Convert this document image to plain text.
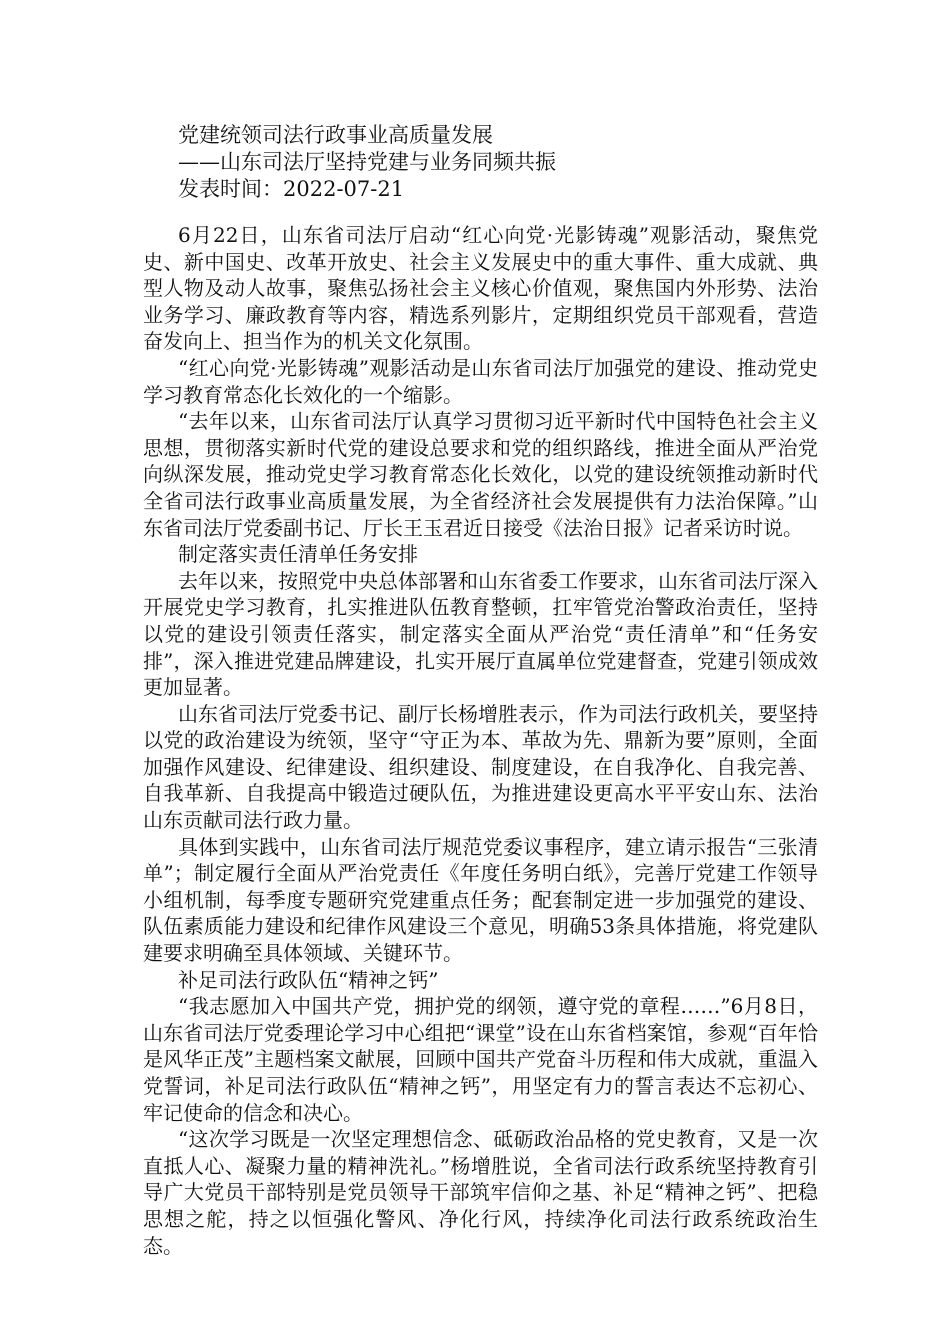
党建统领司法行政事业高质量发展
——山东司法厅坚持党建与业务同频共振
发表时间：2022-07-21

6月22日，山东省司法厅启动“红心向党·光影铸魂”观影活动，聚焦党史、新中国史、改革开放史、社会主义发展史中的重大事件、重大成就、典型人物及动人故事，聚焦弘扬社会主义核心价值观，聚焦国内外形势、法治业务学习、廉政教育等内容，精选系列影片，定期组织党员干部观看，营造奋发向上、担当作为的机关文化氛围。

“红心向党·光影铸魂”观影活动是山东省司法厅加强党的建设、推动党史学习教育常态化长效化的一个缩影。

“去年以来，山东省司法厅认真学习贯彻习近平新时代中国特色社会主义思想，贯彻落实新时代党的建设总要求和党的组织路线，推进全面从严治党向纵深发展，推动党史学习教育常态化长效化，以党的建设统领推动新时代全省司法行政事业高质量发展，为全省经济社会发展提供有力法治保障。”山东省司法厅党委副书记、厅长王玉君近日接受《法治日报》记者采访时说。

制定落实责任清单任务安排

去年以来，按照党中央总体部署和山东省委工作要求，山东省司法厅深入开展党史学习教育，扎实推进队伍教育整顿，扛牢管党治警政治责任，坚持以党的建设引领责任落实，制定落实全面从严治党“责任清单”和“任务安排”，深入推进党建品牌建设，扎实开展厅直属单位党建督查，党建引领成效更加显著。

山东省司法厅党委书记、副厅长杨增胜表示，作为司法行政机关，要坚持以党的政治建设为统领，坚守“守正为本、革故为先、鼎新为要”原则，全面加强作风建设、纪律建设、组织建设、制度建设，在自我净化、自我完善、自我革新、自我提高中锻造过硬队伍，为推进建设更高水平平安山东、法治山东贡献司法行政力量。

具体到实践中，山东省司法厅规范党委议事程序，建立请示报告“三张清单”；制定履行全面从严治党责任《年度任务明白纸》，完善厅党建工作领导小组机制，每季度专题研究党建重点任务；配套制定进一步加强党的建设、队伍素质能力建设和纪律作风建设三个意见，明确53条具体措施，将党建队建要求明确至具体领域、关键环节。

补足司法行政队伍“精神之钙”

“我志愿加入中国共产党，拥护党的纲领，遵守党的章程……”6月8日，山东省司法厅党委理论学习中心组把“课堂”设在山东省档案馆，参观“百年恰是风华正茂”主题档案文献展，回顾中国共产党奋斗历程和伟大成就，重温入党誓词，补足司法行政队伍“精神之钙”，用坚定有力的誓言表达不忘初心、牢记使命的信念和决心。

“这次学习既是一次坚定理想信念、砥砺政治品格的党史教育，又是一次直抵人心、凝聚力量的精神洗礼。”杨增胜说，全省司法行政系统坚持教育引导广大党员干部特别是党员领导干部筑牢信仰之基、补足“精神之钙”、把稳思想之舵，持之以恒强化警风、净化行风，持续净化司法行政系统政治生态。
